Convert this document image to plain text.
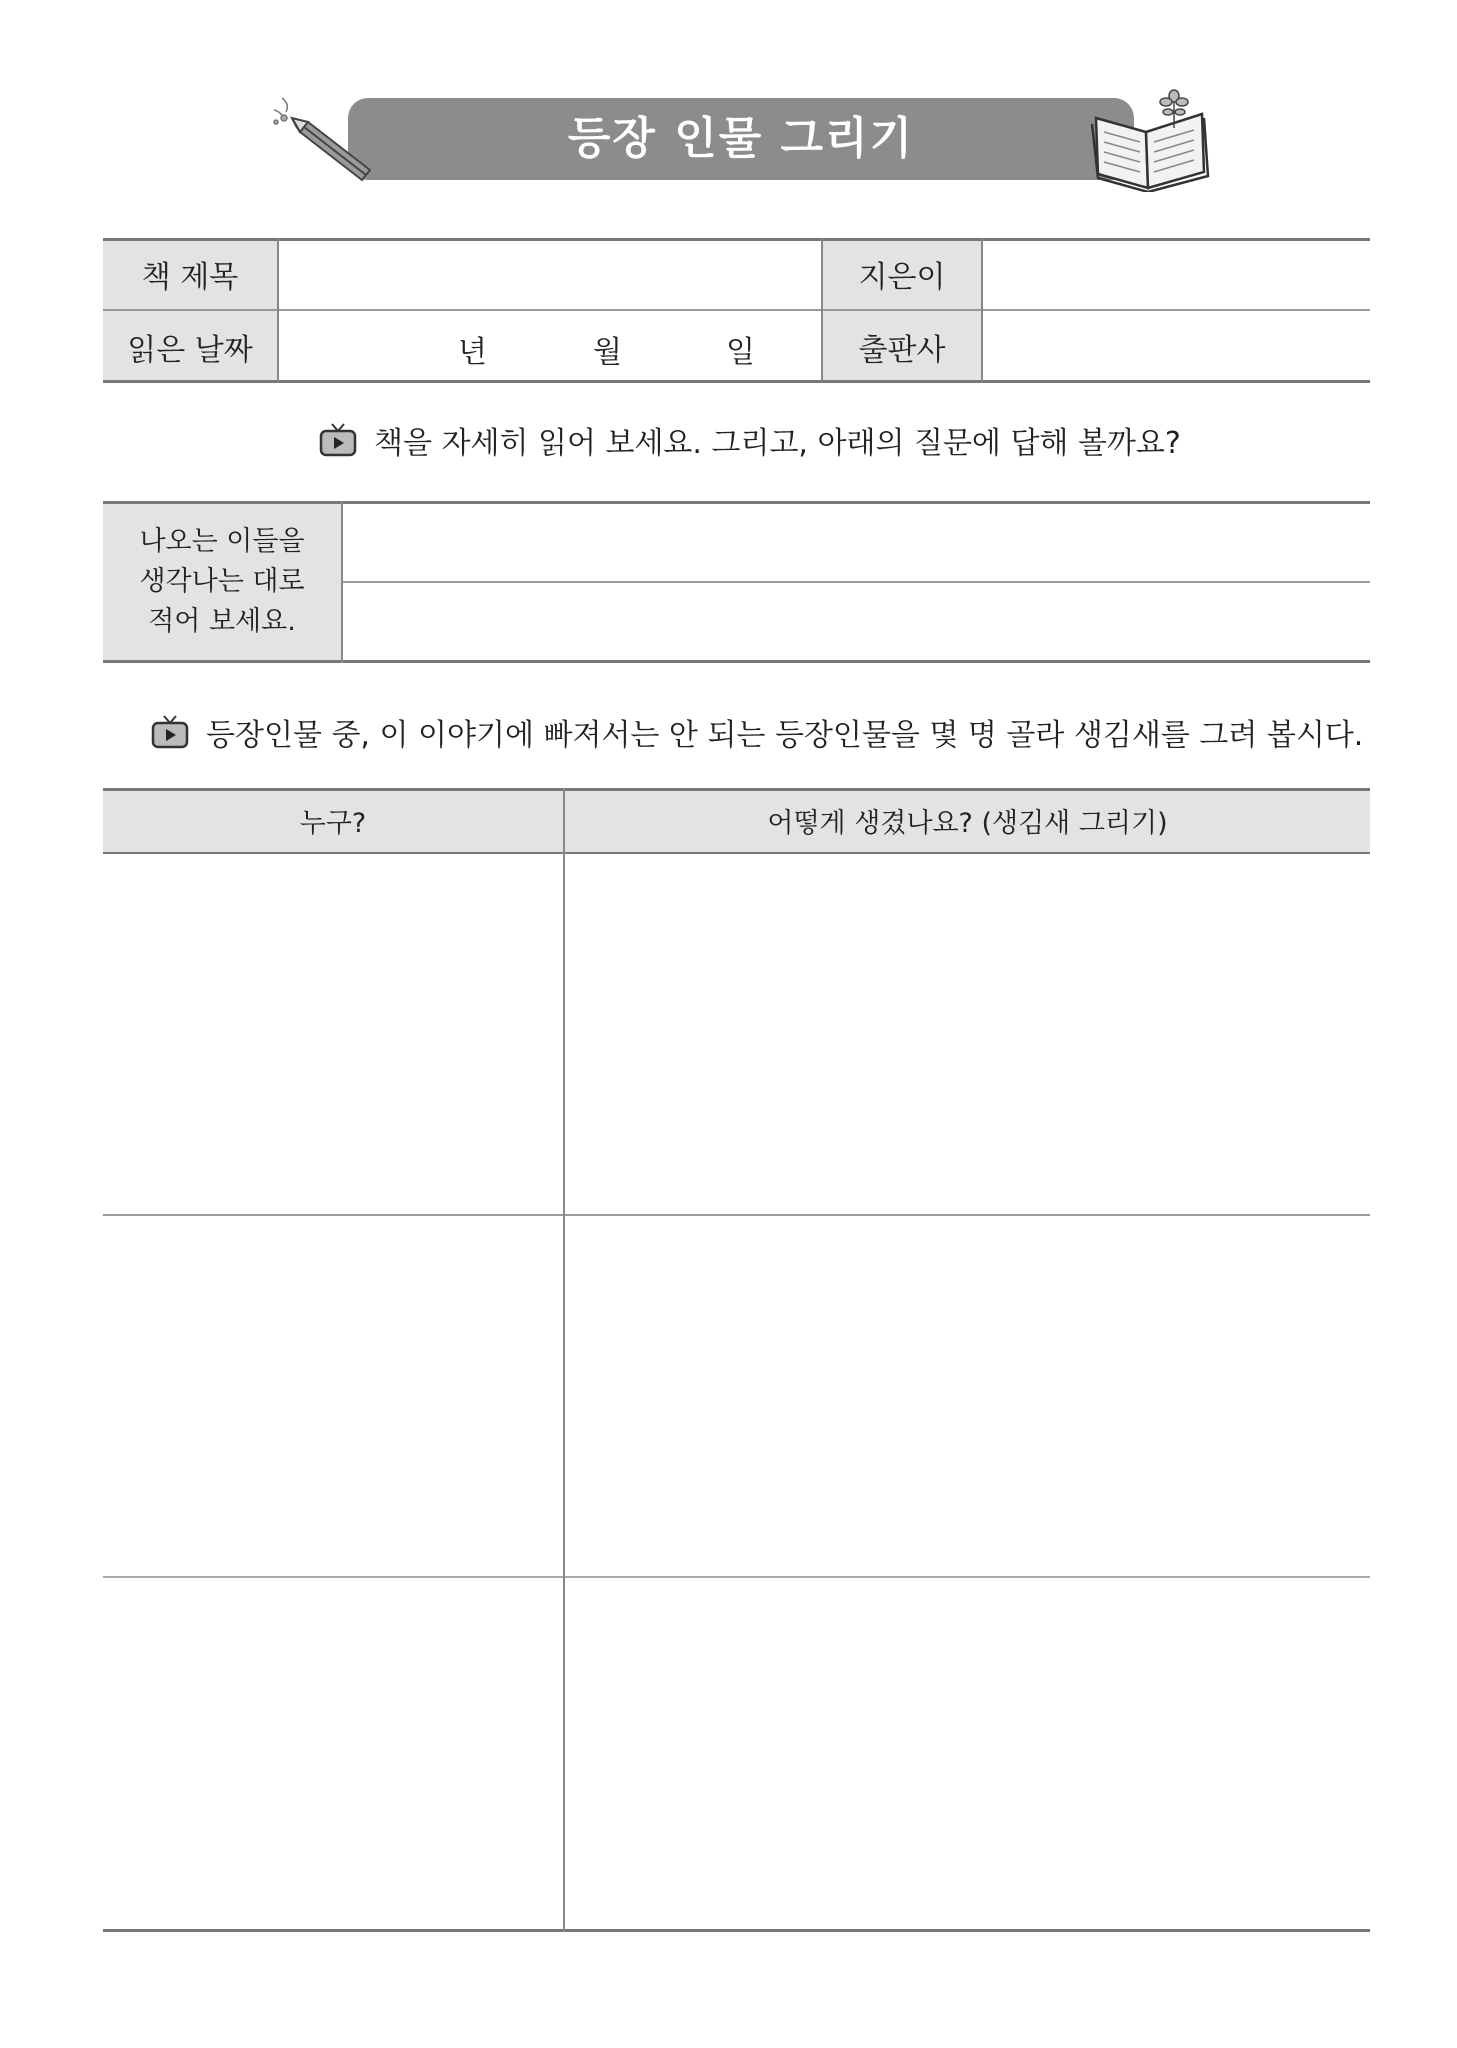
등장 인물 그리기
책 제목	지은이
읽은 날짜	년	월	일	출판사
책을 자세히 읽어 보세요. 그리고, 아래의 질문에 답해 볼까요?
나오는 이들을
생각나는 대로
적어 보세요.
등장인물 중, 이 이야기에 빠져서는 안 되는 등장인물을 몇 명 골라 생김새를 그려 봅시다.
누구?	어떻게 생겼나요? (생김새 그리기)
